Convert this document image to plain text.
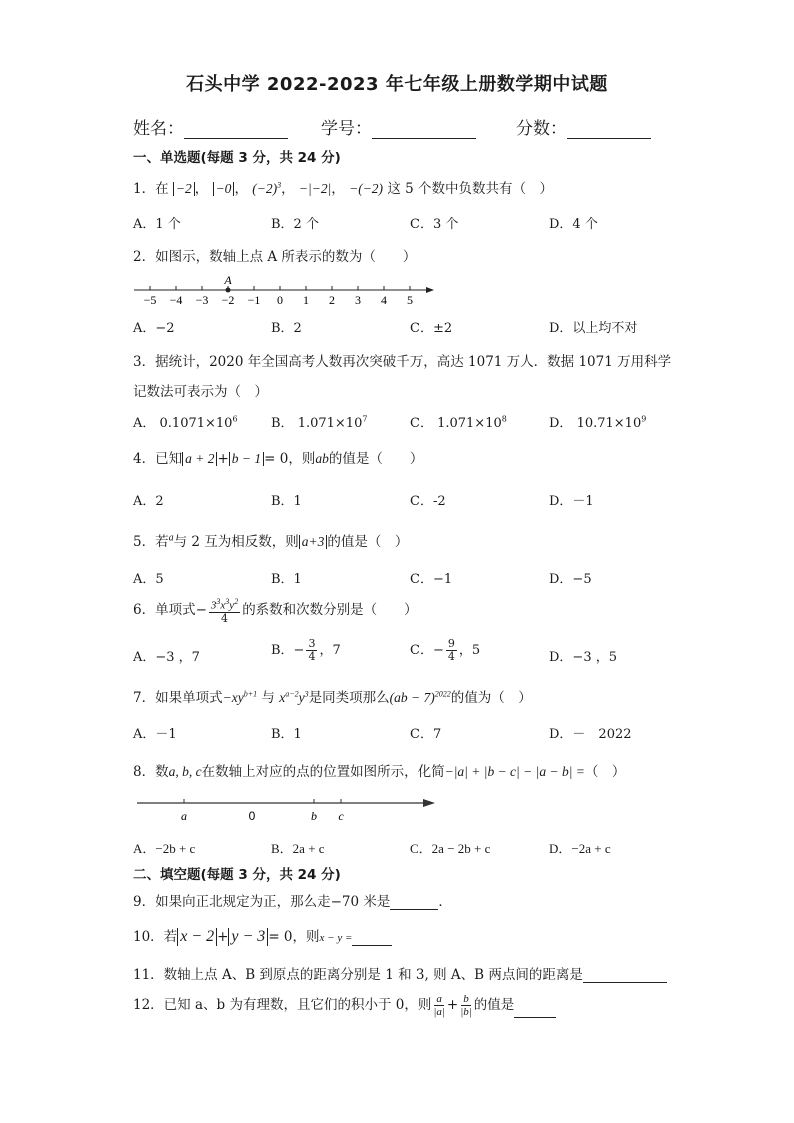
石头中学 2022-2023 年七年级上册数学期中试题
姓名：	学号：	分数：
一、单选题(每题 3 分，共 24 分)
1．在 −2 ， −0 ， $(-2)^3$， −|−2|， −(−2) 这 5 个数中负数共有（　）
A．1 个	B．2 个	C．3 个	D．4 个
2．如图示，数轴上点 A 所表示的数为（　　）
−5 −4 −3 −2 −1 0 1 2 3 4 5
A
A．−2	B．2	C．±2	D．以上均不对
3．据统计，2020 年全国高考人数再次突破千万，高达 1071 万人．数据 1071 万用科学
记数法可表示为（　）
A． $0.1071\times 10^6$	B． $1.071\times 10^7$	C． $1.071\times 10^8$	D． $10.71\times 10^9$
4．已知 a + 2 + b − 1 = 0，则ab的值是（　　）
A．2	B．1	C．-2	D．－1
5．若$^a$与 2 互为相反数，则 a+3 的值是（　）
A．5	B．1	C．−1	D．−5
6．单项式− $\frac{3^3x^3y^2}{4}$ 的系数和次数分别是（　　）
A．−3 ，7	B．− $\frac{3}{4}$ ，7	C．− $\frac{9}{4}$ ，5	D．−3 ，5
7．如果单项式$-xy^{b+1}$ 与 $x^{a-2}y^3$是同类项那么(ab − 7)$^{2022}$的值为（　）
A．－1	B．1	C．7	D．－　2022
8．数a, b, c在数轴上对应的点的位置如图所示，化简−|a| + |b − c| − |a − b| =（　）
a	0	b c
A．−2b + c	B．2a + c	C．2a − 2b + c	D．−2a + c
二、填空题(每题 3 分，共 24 分)
9．如果向正北规定为正，那么走−70 米是	．
10．若 x − 2 + y − 3 = 0，则x − y =
11．数轴上点 A、B 到原点的距离分别是 1 和 3, 则 A、B 两点间的距离是
12．已知 a、b 为有理数，且它们的积小于 0，则 $\frac{a}{|a|} + \frac{b}{|b|}$ 的值是
